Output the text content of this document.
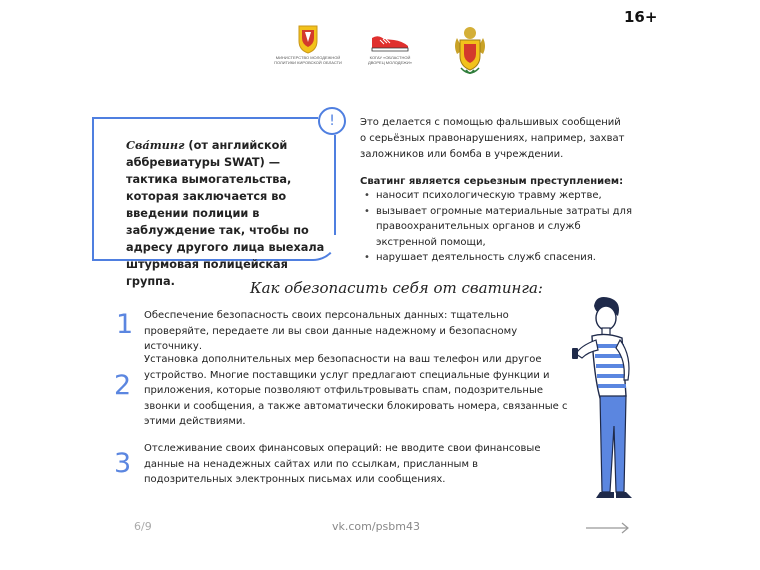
16+
МИНИСТЕРСТВО МОЛОДЕЖНОЙ ПОЛИТИКИ КИРОВСКОЙ ОБЛАСТИ
КОГАУ «ОБЛАСТНОЙ ДВОРЕЦ МОЛОДЕЖИ»
!
Сва́тинг (от английской аббревиатуры SWAT) — тактика вымогательства, которая заключается во введении полиции в заблуждение так, чтобы по адресу другого лица выехала штурмовая полицейская группа.
Это делается с помощью фальшивых сообщений о серьёзных правонарушениях, например, захват заложников или бомба в учреждении.
Сватинг является серьезным преступлением:
• наносит психологическую травму жертве,
• вызывает огромные материальные затраты для правоохранительных органов и служб экстренной помощи,
• нарушает деятельность служб спасения.
Как обезопасить себя от сватинга:
1 Обеспечение безопасность своих персональных данных: тщательно проверяйте, передаете ли вы свои данные надежному и безопасному источнику.
2
Установка дополнительных мер безопасности на ваш телефон или другое устройство. Многие поставщики услуг предлагают специальные функции и приложения, которые позволяют отфильтровывать спам, подозрительные звонки и сообщения, а также автоматически блокировать номера, связанные с этими действиями.
3 Отслеживание своих финансовых операций: не вводите свои финансовые данные на ненадежных сайтах или по ссылкам, присланным в подозрительных электронных письмах или сообщениях.
6/9	vk.com/psbm43
